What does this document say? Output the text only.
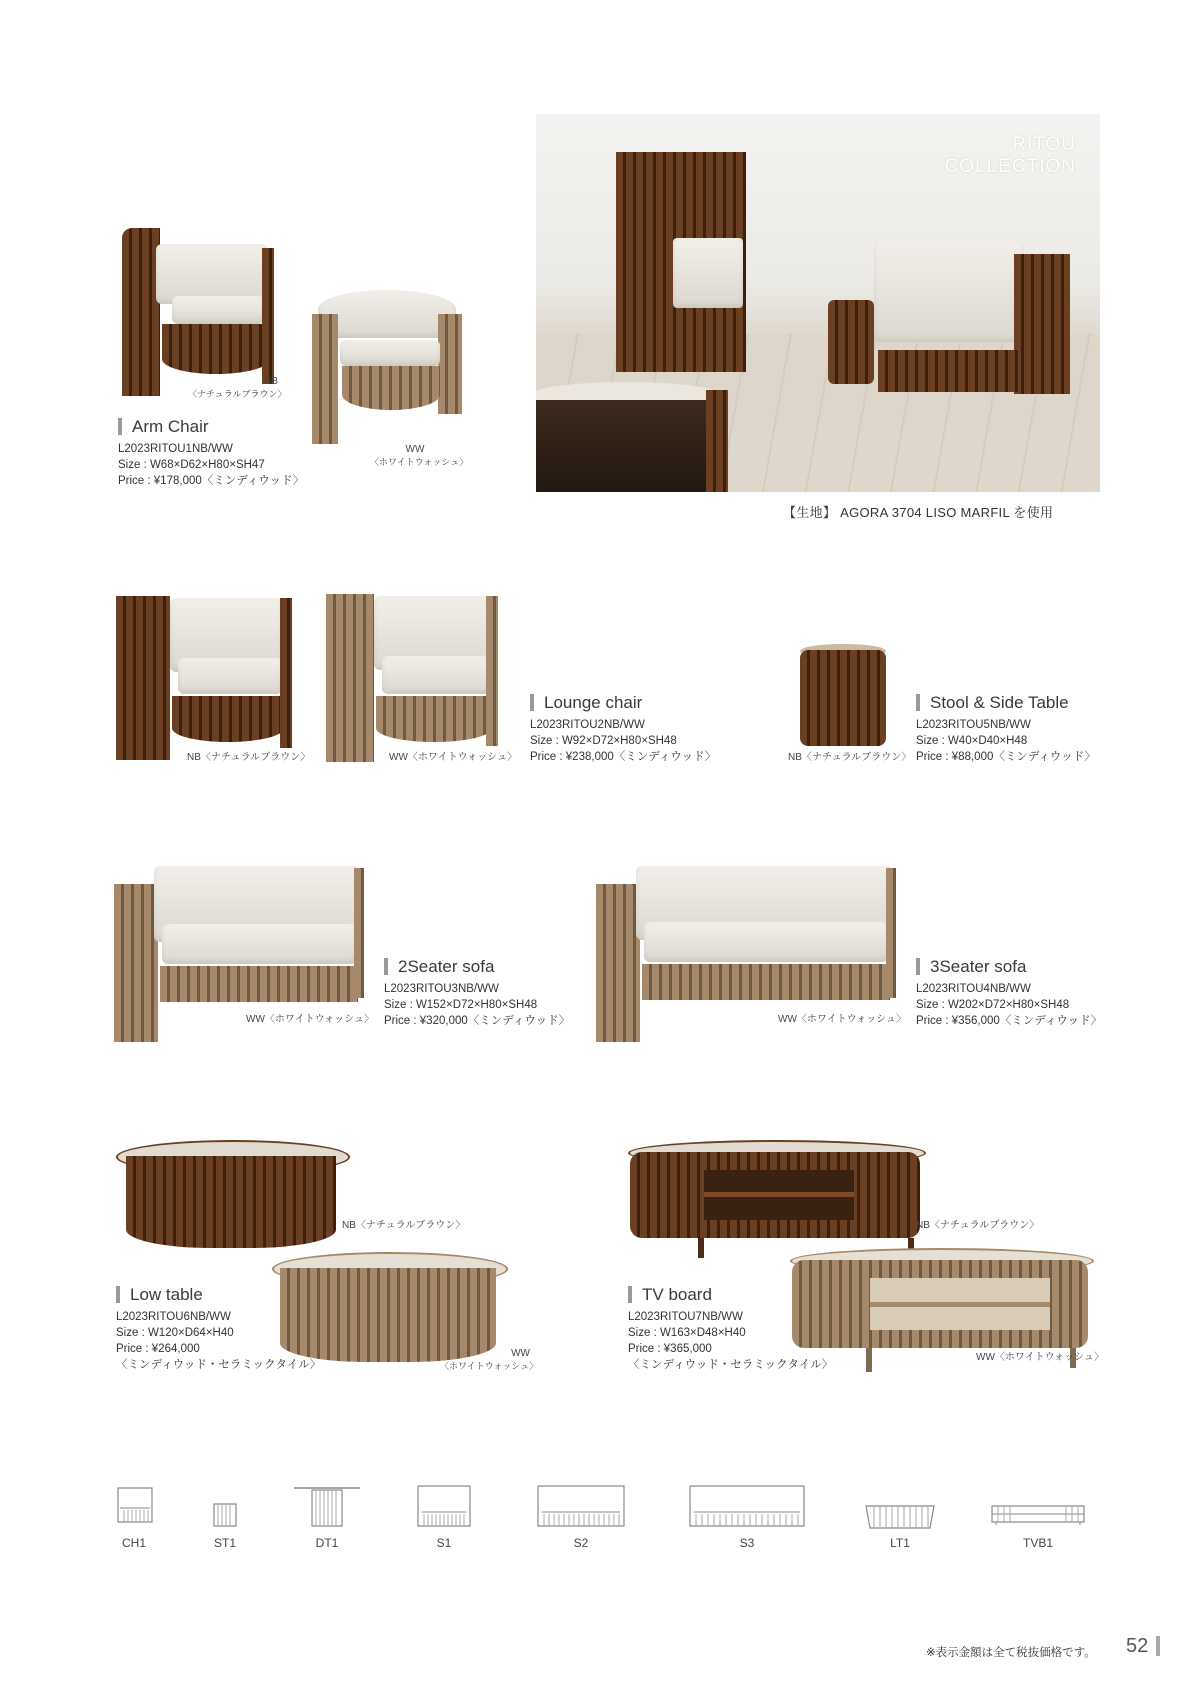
RITOU
COLLECTION
【生地】 AGORA 3704 LISO MARFIL を使用
NB
〈ナチュラルブラウン〉
WW
〈ホワイトウォッシュ〉
Arm Chair
L2023RITOU1NB/WW
Size : W68×D62×H80×SH47
Price : ¥178,000〈ミンディウッド〉
NB〈ナチュラルブラウン〉	WW〈ホワイトウォッシュ〉
Lounge chair
L2023RITOU2NB/WW
Size : W92×D72×H80×SH48
Price : ¥238,000〈ミンディウッド〉	NB〈ナチュラルブラウン〉
Stool & Side Table
L2023RITOU5NB/WW
Size : W40×D40×H48
Price : ¥88,000〈ミンディウッド〉
WW〈ホワイトウォッシュ〉
2Seater sofa
L2023RITOU3NB/WW
Size : W152×D72×H80×SH48
Price : ¥320,000〈ミンディウッド〉	WW〈ホワイトウォッシュ〉
3Seater sofa
L2023RITOU4NB/WW
Size : W202×D72×H80×SH48
Price : ¥356,000〈ミンディウッド〉
NB〈ナチュラルブラウン〉
WW
〈ホワイトウォッシュ〉
Low table
L2023RITOU6NB/WW
Size : W120×D64×H40
Price : ¥264,000
〈ミンディウッド・セラミックタイル〉
NB〈ナチュラルブラウン〉
WW〈ホワイトウォッシュ〉
TV board
L2023RITOU7NB/WW
Size : W163×D48×H40
Price : ¥365,000
〈ミンディウッド・セラミックタイル〉
CH1	ST1	DT1	S1	S2	S3	LT1	TVB1
※表示金額は全て税抜価格です。 52
